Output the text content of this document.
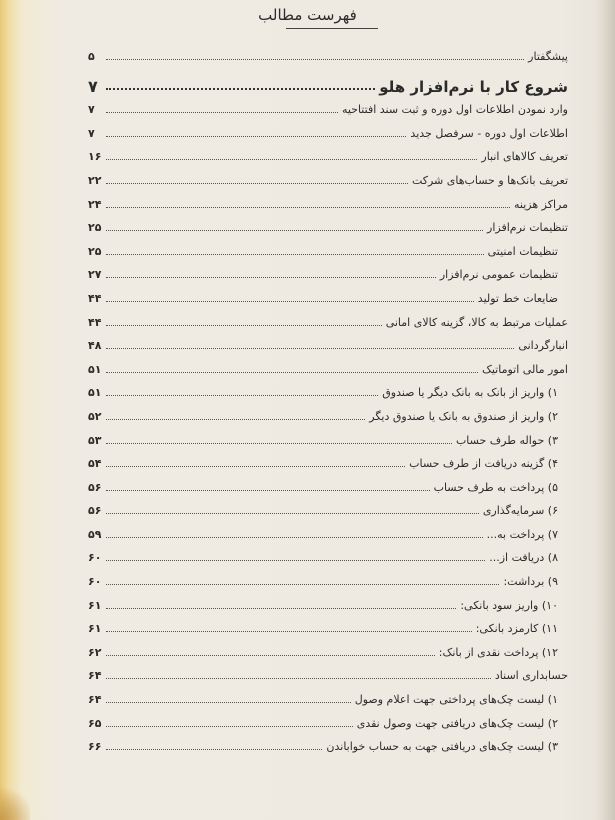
فهرست مطالب
پیشگفتار
۵
شروع کار با نرم‌افزار هلو
۷
وارد نمودن اطلاعات اول دوره و ثبت سند افتتاحیه
۷
اطلاعات اول دوره - سرفصل جدید
۷
تعریف کالاهای انبار
۱۶
تعریف بانک‌ها و حساب‌های شرکت
۲۲
مراکز هزینه
۲۴
تنظیمات نرم‌افزار
۲۵
تنظیمات امنیتی
۲۵
تنظیمات عمومی نرم‌افزار
۲۷
ضایعات خط تولید
۴۴
عملیات مرتبط به کالا، گزینه کالای امانی
۴۴
انبارگردانی
۴۸
امور مالی اتوماتیک
۵۱
۱) واریز از بانک به بانک دیگر یا صندوق
۵۱
۲) واریز از صندوق به بانک یا صندوق دیگر
۵۲
۳) حواله طرف حساب
۵۳
۴) گزینه دریافت از طرف حساب
۵۴
۵) پرداخت به طرف حساب
۵۶
۶) سرمایه‌گذاری
۵۶
۷) پرداخت به...
۵۹
۸) دریافت از...
۶۰
۹) برداشت:
۶۰
۱۰) واریز سود بانکی:
۶۱
۱۱) کارمزد بانکی:
۶۱
۱۲) پرداخت نقدی از بانک:
۶۲
حسابداری اسناد
۶۴
۱) لیست چک‌های پرداختی جهت اعلام وصول
۶۴
۲) لیست چک‌های دریافتی جهت وصول نقدی
۶۵
۳) لیست چک‌های دریافتی جهت به حساب خواباندن
۶۶
